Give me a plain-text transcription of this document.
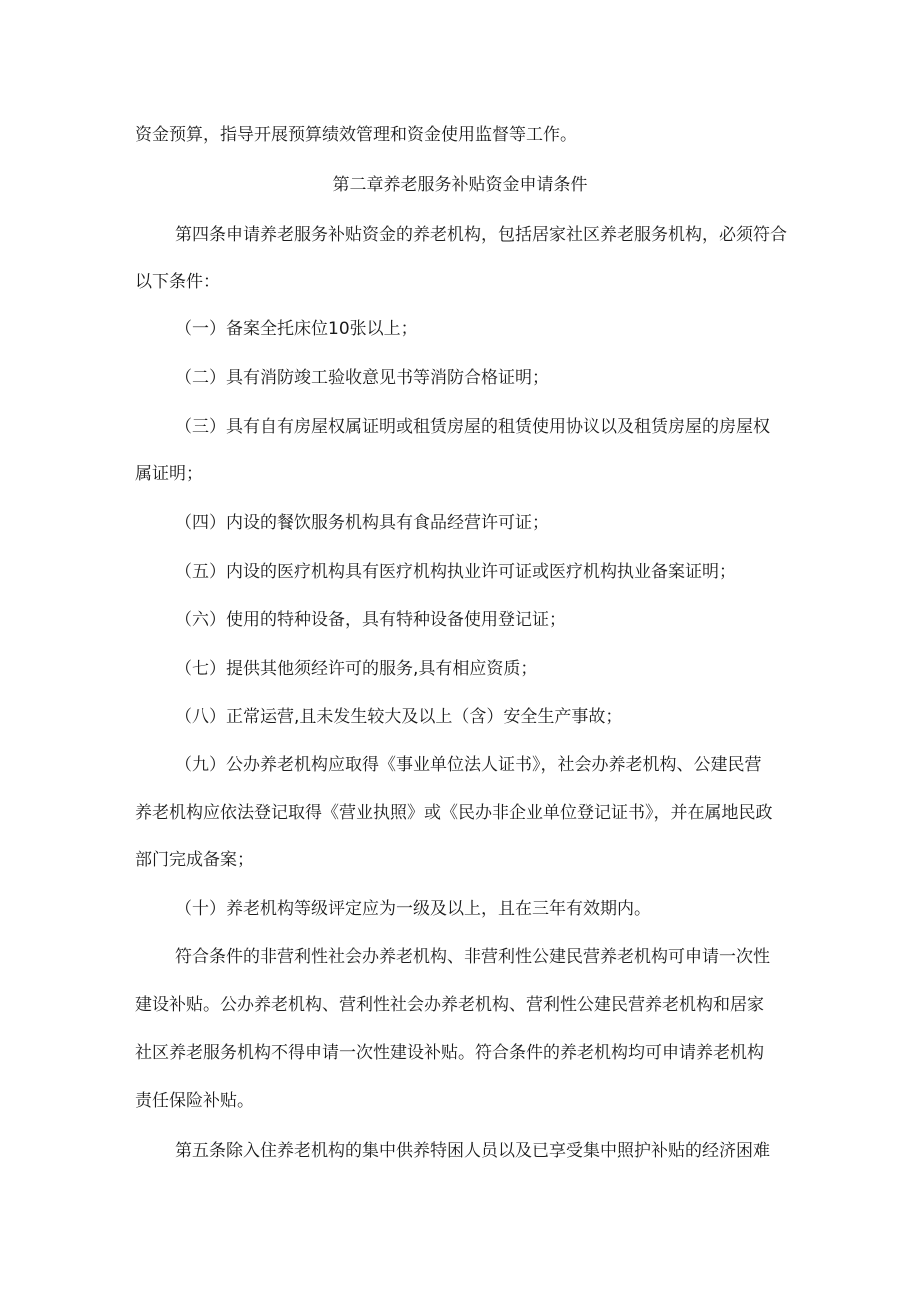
资金预算，指导开展预算绩效管理和资金使用监督等工作。
第二章养老服务补贴资金申请条件
第四条申请养老服务补贴资金的养老机构，包括居家社区养老服务机构，必须符合
以下条件：
（一）备案全托床位10张以上；
（二）具有消防竣工验收意见书等消防合格证明；
（三）具有自有房屋权属证明或租赁房屋的租赁使用协议以及租赁房屋的房屋权
属证明；
（四）内设的餐饮服务机构具有食品经营许可证；
（五）内设的医疗机构具有医疗机构执业许可证或医疗机构执业备案证明；
（六）使用的特种设备，具有特种设备使用登记证；
（七）提供其他须经许可的服务,具有相应资质；
（八）正常运营,且未发生较大及以上（含）安全生产事故；
（九）公办养老机构应取得《事业单位法人证书》，社会办养老机构、公建民营
养老机构应依法登记取得《营业执照》或《民办非企业单位登记证书》，并在属地民政
部门完成备案；
（十）养老机构等级评定应为一级及以上，且在三年有效期内。
符合条件的非营利性社会办养老机构、非营利性公建民营养老机构可申请一次性
建设补贴。公办养老机构、营利性社会办养老机构、营利性公建民营养老机构和居家
社区养老服务机构不得申请一次性建设补贴。符合条件的养老机构均可申请养老机构
责任保险补贴。
第五条除入住养老机构的集中供养特困人员以及已享受集中照护补贴的经济困难
